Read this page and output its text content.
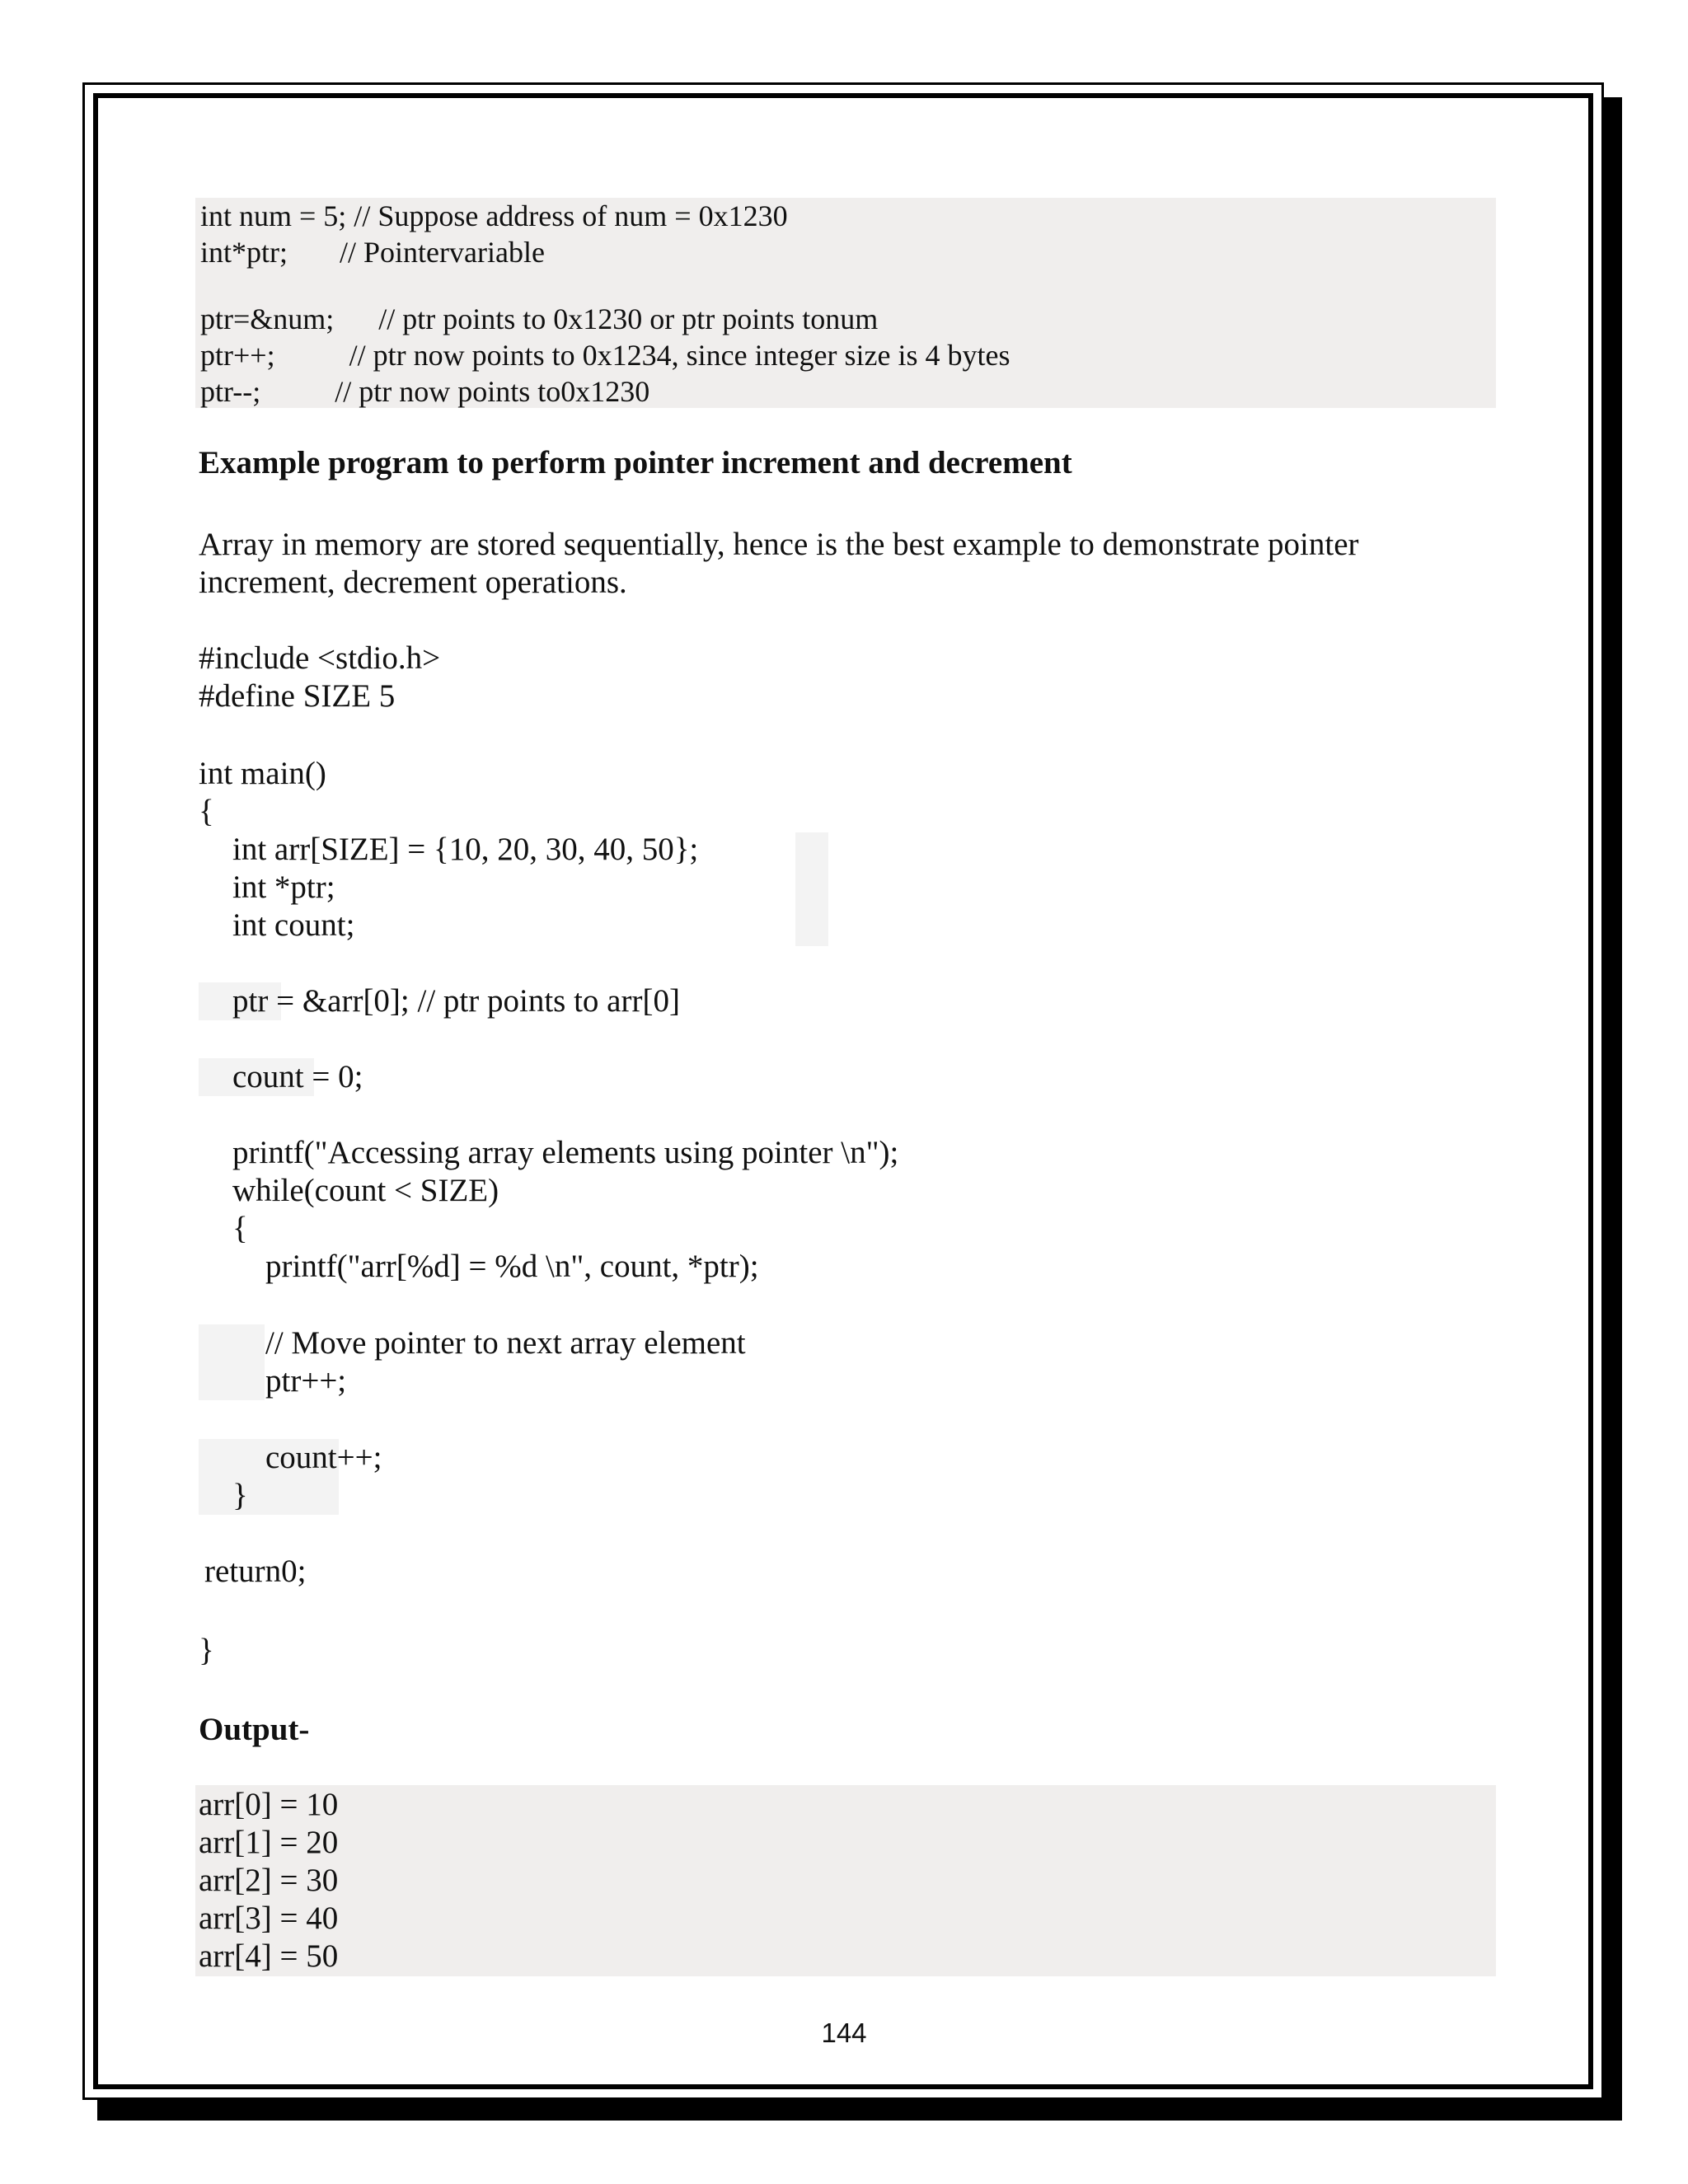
int num = 5; // Suppose address of num = 0x1230
int*ptr;       // Pointervariable
ptr=&num;      // ptr points to 0x1230 or ptr points tonum
ptr++;          // ptr now points to 0x1234, since integer size is 4 bytes
ptr--;          // ptr now points to0x1230
Example program to perform pointer increment and decrement
Array in memory are stored sequentially, hence is the best example to demonstrate pointer
increment, decrement operations.
#include <stdio.h>
#define SIZE 5
int main()
{
int arr[SIZE] = {10, 20, 30, 40, 50};
int *ptr;
int count;
ptr = &arr[0]; // ptr points to arr[0]
count = 0;
printf("Accessing array elements using pointer \n");
while(count < SIZE)
{
printf("arr[%d] = %d \n", count, *ptr);
// Move pointer to next array element
ptr++;
count++;
}
return0;
}
Output-
arr[0] = 10
arr[1] = 20
arr[2] = 30
arr[3] = 40
arr[4] = 50
144
